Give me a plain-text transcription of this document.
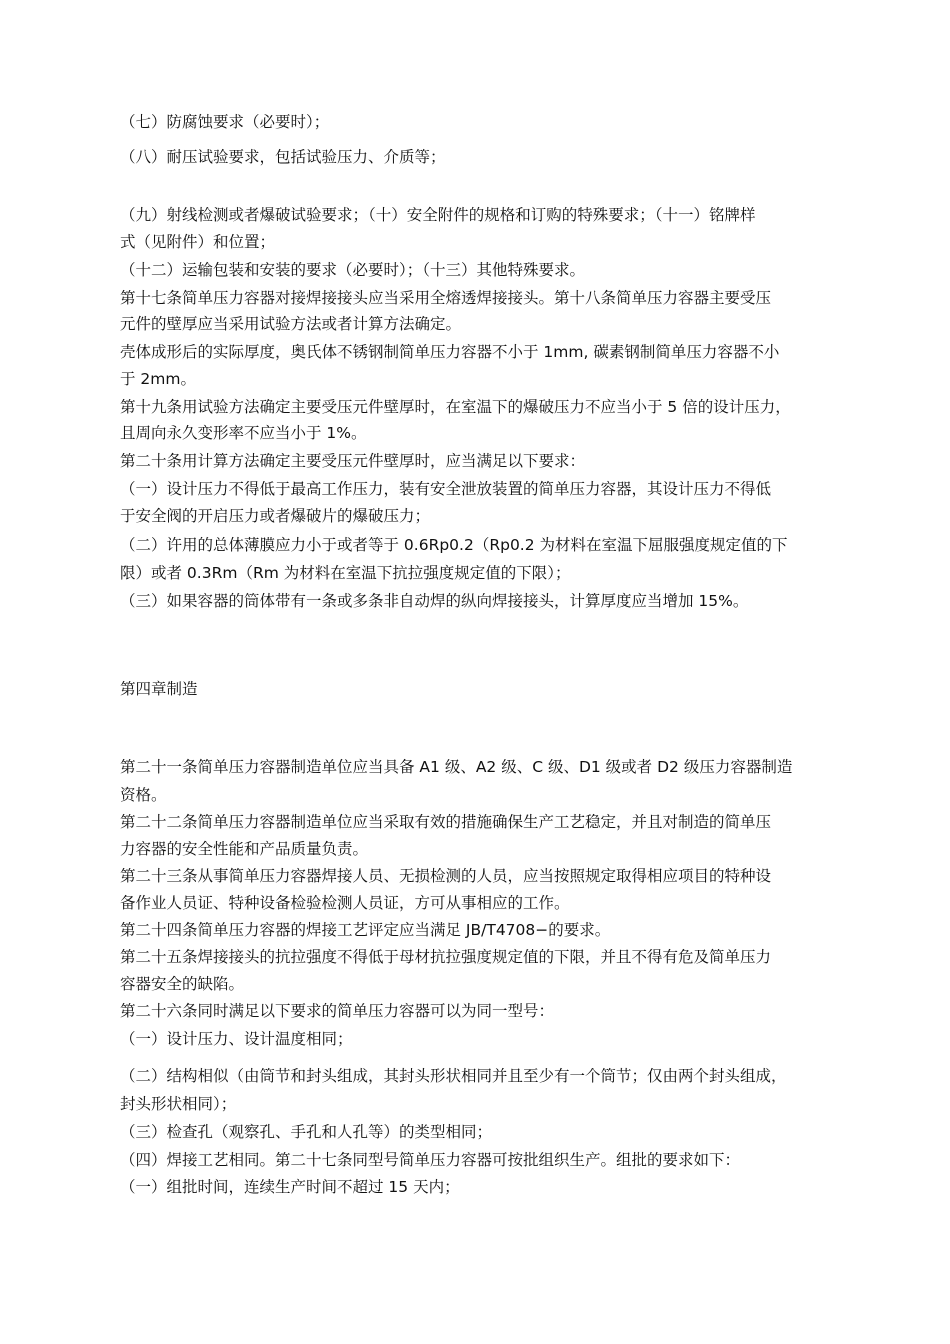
（七）防腐蚀要求（必要时）；
（八）耐压试验要求，包括试验压力、介质等；
（九）射线检测或者爆破试验要求；（十）安全附件的规格和订购的特殊要求；（十一）铭牌样
式（见附件）和位置；
（十二）运输包装和安装的要求（必要时）；（十三）其他特殊要求。
第十七条简单压力容器对接焊接接头应当采用全熔透焊接接头。第十八条简单压力容器主要受压
元件的壁厚应当采用试验方法或者计算方法确定。
壳体成形后的实际厚度，奥氏体不锈钢制简单压力容器不小于 1mm, 碳素钢制简单压力容器不小
于 2mm。
第十九条用试验方法确定主要受压元件壁厚时，在室温下的爆破压力不应当小于 5 倍的设计压力，
且周向永久变形率不应当小于 1%。
第二十条用计算方法确定主要受压元件壁厚时，应当满足以下要求：
（一）设计压力不得低于最高工作压力，装有安全泄放装置的简单压力容器，其设计压力不得低
于安全阀的开启压力或者爆破片的爆破压力；
（二）许用的总体薄膜应力小于或者等于 0.6Rp0.2（Rp0.2 为材料在室温下屈服强度规定值的下
限）或者 0.3Rm（Rm 为材料在室温下抗拉强度规定值的下限）；
（三）如果容器的筒体带有一条或多条非自动焊的纵向焊接接头，计算厚度应当增加 15%。
第四章制造
第二十一条简单压力容器制造单位应当具备 A1 级、A2 级、C 级、D1 级或者 D2 级压力容器制造
资格。
第二十二条简单压力容器制造单位应当采取有效的措施确保生产工艺稳定，并且对制造的简单压
力容器的安全性能和产品质量负责。
第二十三条从事简单压力容器焊接人员、无损检测的人员，应当按照规定取得相应项目的特种设
备作业人员证、特种设备检验检测人员证，方可从事相应的工作。
第二十四条简单压力容器的焊接工艺评定应当满足 JB/T4708−的要求。
第二十五条焊接接头的抗拉强度不得低于母材抗拉强度规定值的下限，并且不得有危及简单压力
容器安全的缺陷。
第二十六条同时满足以下要求的简单压力容器可以为同一型号：
（一）设计压力、设计温度相同；
（二）结构相似（由筒节和封头组成，其封头形状相同并且至少有一个筒节；仅由两个封头组成，
封头形状相同）；
（三）检查孔（观察孔、手孔和人孔等）的类型相同；
（四）焊接工艺相同。第二十七条同型号简单压力容器可按批组织生产。组批的要求如下：
（一）组批时间，连续生产时间不超过 15 天内；
